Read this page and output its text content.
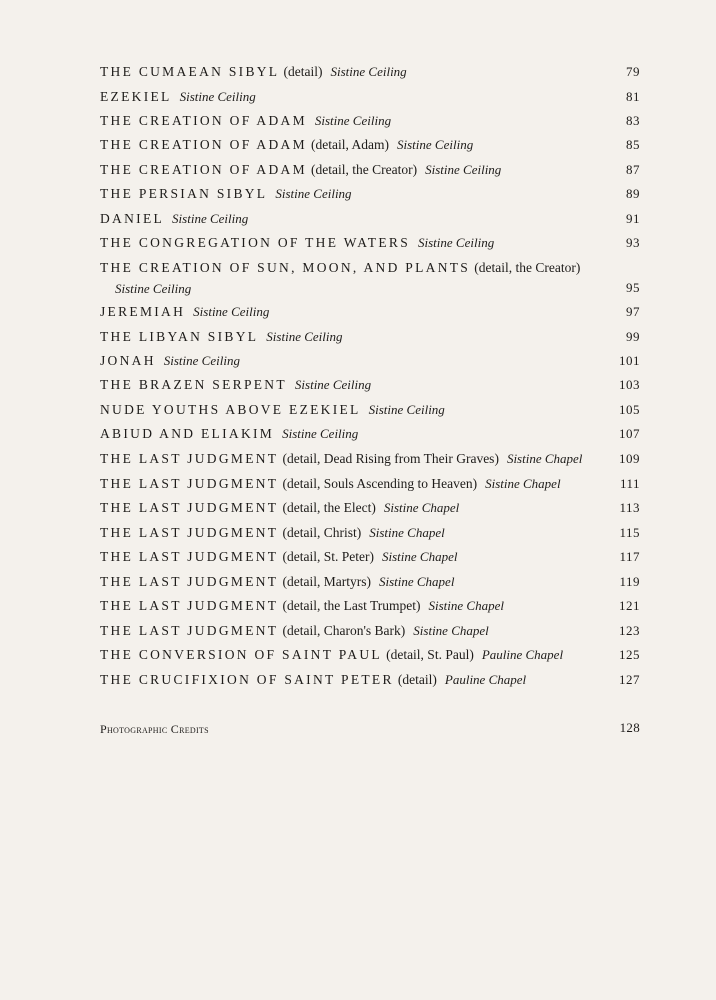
THE CUMAEAN SIBYL (detail) Sistine Ceiling	79
EZEKIEL Sistine Ceiling	81
THE CREATION OF ADAM Sistine Ceiling	83
THE CREATION OF ADAM (detail, Adam) Sistine Ceiling	85
THE CREATION OF ADAM (detail, the Creator) Sistine Ceiling	87
THE PERSIAN SIBYL Sistine Ceiling	89
DANIEL Sistine Ceiling	91
THE CONGREGATION OF THE WATERS Sistine Ceiling	93
THE CREATION OF SUN, MOON, AND PLANTS (detail, the Creator)
Sistine Ceiling	95
JEREMIAH Sistine Ceiling	97
THE LIBYAN SIBYL Sistine Ceiling	99
JONAH Sistine Ceiling	101
THE BRAZEN SERPENT Sistine Ceiling	103
NUDE YOUTHS ABOVE EZEKIEL Sistine Ceiling	105
ABIUD AND ELIAKIM Sistine Ceiling	107
THE LAST JUDGMENT (detail, Dead Rising from Their Graves) Sistine Chapel	109
THE LAST JUDGMENT (detail, Souls Ascending to Heaven) Sistine Chapel	111
THE LAST JUDGMENT (detail, the Elect) Sistine Chapel	113
THE LAST JUDGMENT (detail, Christ) Sistine Chapel	115
THE LAST JUDGMENT (detail, St. Peter) Sistine Chapel	117
THE LAST JUDGMENT (detail, Martyrs) Sistine Chapel	119
THE LAST JUDGMENT (detail, the Last Trumpet) Sistine Chapel	121
THE LAST JUDGMENT (detail, Charon's Bark) Sistine Chapel	123
THE CONVERSION OF SAINT PAUL (detail, St. Paul) Pauline Chapel	125
THE CRUCIFIXION OF SAINT PETER (detail) Pauline Chapel	127
Photographic Credits	128
